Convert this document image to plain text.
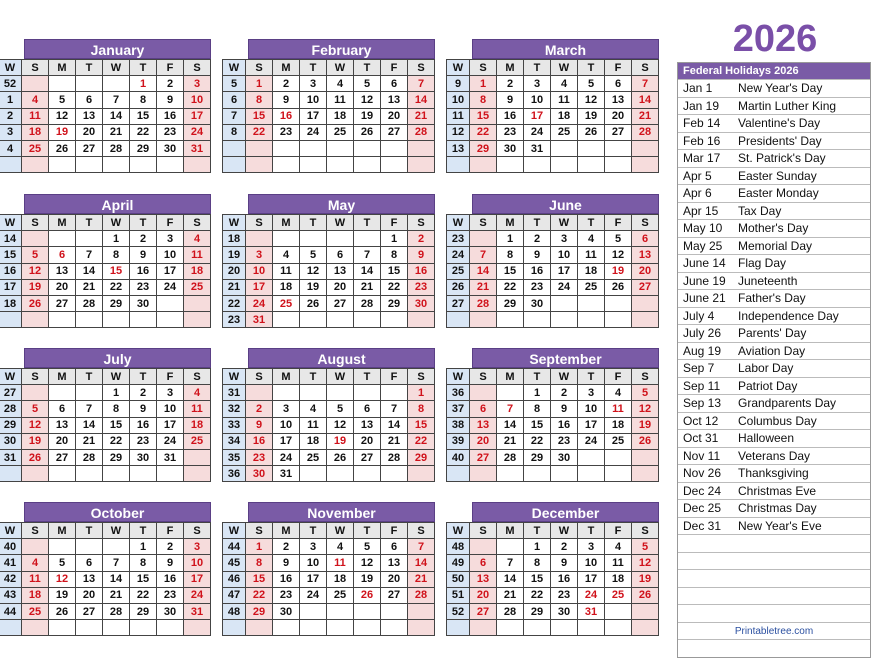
2026
January
W	S	M	T	W	T	F	S
52					1	2	3
1	4	5	6	7	8	9	10
2	11	12	13	14	15	16	17
3	18	19	20	21	22	23	24
4	25	26	27	28	29	30	31

February
W	S	M	T	W	T	F	S
5	1	2	3	4	5	6	7
6	8	9	10	11	12	13	14
7	15	16	17	18	19	20	21
8	22	23	24	25	26	27	28

March
W	S	M	T	W	T	F	S
9	1	2	3	4	5	6	7
10	8	9	10	11	12	13	14
11	15	16	17	18	19	20	21
12	22	23	24	25	26	27	28
13	29	30	31				

April
W	S	M	T	W	T	F	S
14				1	2	3	4
15	5	6	7	8	9	10	11
16	12	13	14	15	16	17	18
17	19	20	21	22	23	24	25
18	26	27	28	29	30		

May
W	S	M	T	W	T	F	S
18						1	2
19	3	4	5	6	7	8	9
20	10	11	12	13	14	15	16
21	17	18	19	20	21	22	23
22	24	25	26	27	28	29	30
23	31						
June
W	S	M	T	W	T	F	S
23		1	2	3	4	5	6
24	7	8	9	10	11	12	13
25	14	15	16	17	18	19	20
26	21	22	23	24	25	26	27
27	28	29	30				

July
W	S	M	T	W	T	F	S
27				1	2	3	4
28	5	6	7	8	9	10	11
29	12	13	14	15	16	17	18
30	19	20	21	22	23	24	25
31	26	27	28	29	30	31	

August
W	S	M	T	W	T	F	S
31							1
32	2	3	4	5	6	7	8
33	9	10	11	12	13	14	15
34	16	17	18	19	20	21	22
35	23	24	25	26	27	28	29
36	30	31					
September
W	S	M	T	W	T	F	S
36			1	2	3	4	5
37	6	7	8	9	10	11	12
38	13	14	15	16	17	18	19
39	20	21	22	23	24	25	26
40	27	28	29	30			

October
W	S	M	T	W	T	F	S
40					1	2	3
41	4	5	6	7	8	9	10
42	11	12	13	14	15	16	17
43	18	19	20	21	22	23	24
44	25	26	27	28	29	30	31

November
W	S	M	T	W	T	F	S
44	1	2	3	4	5	6	7
45	8	9	10	11	12	13	14
46	15	16	17	18	19	20	21
47	22	23	24	25	26	27	28
48	29	30					

December
W	S	M	T	W	T	F	S
48			1	2	3	4	5
49	6	7	8	9	10	11	12
50	13	14	15	16	17	18	19
51	20	21	22	23	24	25	26
52	27	28	29	30	31		

Federal Holidays 2026
Jan 1	New Year's Day
Jan 19	Martin Luther King
Feb 14	Valentine's Day
Feb 16	Presidents' Day
Mar 17	St. Patrick's Day
Apr 5	Easter Sunday
Apr 6	Easter Monday
Apr 15	Tax Day
May 10	Mother's Day
May 25	Memorial Day
June 14	Flag Day
June 19	Juneteenth
June 21	Father's Day
July 4	Independence Day
July 26	Parents' Day
Aug 19	Aviation Day
Sep 7	Labor Day
Sep 11	Patriot Day
Sep 13	Grandparents Day
Oct 12	Columbus Day
Oct 31	Halloween
Nov 11	Veterans Day
Nov 26	Thanksgiving
Dec 24	Christmas Eve
Dec 25	Christmas Day
Dec 31	New Year's Eve
Printabletree.com
